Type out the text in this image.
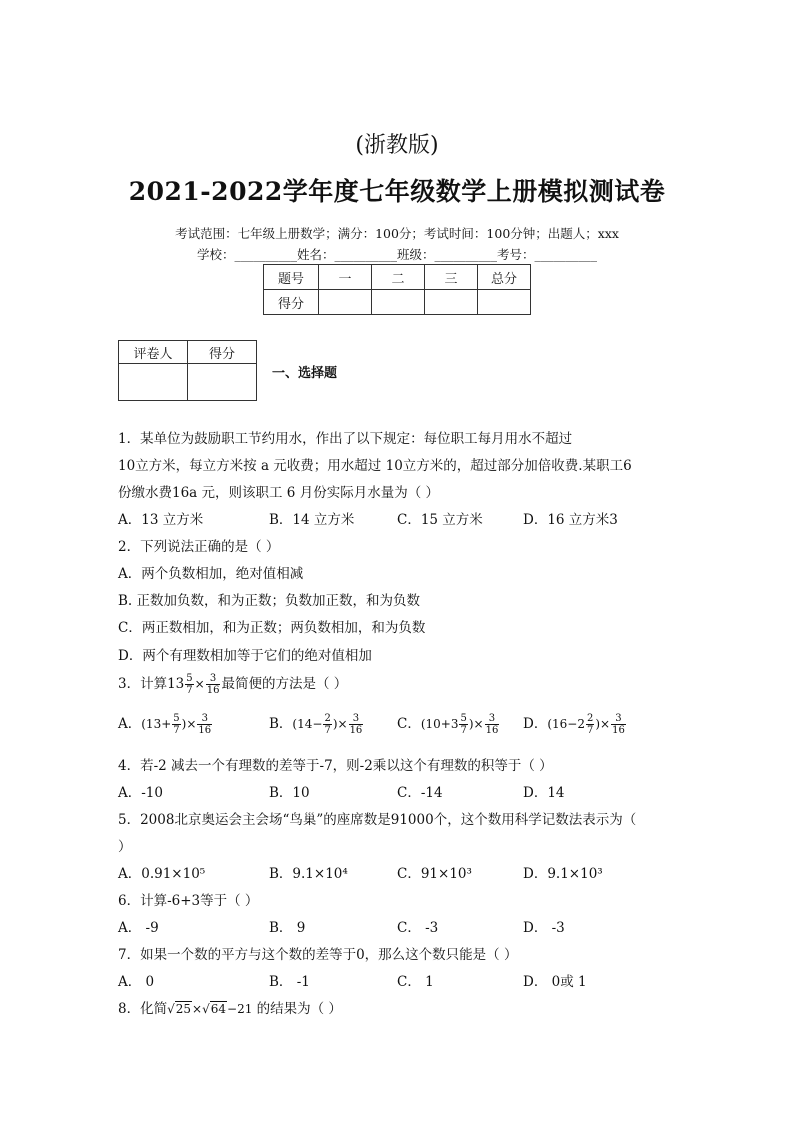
(浙教版)
2021-2022学年度七年级数学上册模拟测试卷
考试范围：七年级上册数学；满分：100分；考试时间：100分钟；出题人；xxx
学校：__________姓名：__________班级：__________考号：__________
题号	一	二	三	总分
得分				
评卷人	得分

一、选择题
1．某单位为鼓励职工节约用水，作出了以下规定：每位职工每月用水不超过
10立方米，每立方米按 a 元收费；用水超过 10立方米的，超过部分加倍收费.某职工6
份缴水费16a 元，则该职工 6 月份实际月水量为（ ）
A．13 立方米	B．14 立方米	C．15 立方米	D．16 立方米3
2．下列说法正确的是（ ）
A．两个负数相加，绝对值相减
B. 正数加负数，和为正数；负数加正数，和为负数
C．两正数相加，和为正数；两负数相加，和为负数
D．两个有理数相加等于它们的绝对值相加
3．计算$13 \frac{5}{7} \times \frac{3}{16}$ 最简便的方法是（ ）
A．($13+ \frac{5}{7}$ )× $\frac{3}{16}$	B．($14- \frac{2}{7}$ )× $\frac{3}{16}$ C．($10+3 \frac{5}{7}$ )× $\frac{3}{16}$ D．($16-2 \frac{2}{7}$ )× $\frac{3}{16}$
4．若-2 减去一个有理数的差等于-7，则-2乘以这个有理数的积等于（ ）
A．-10	B．10	C．-14	D．14
5．2008北京奥运会主会场“鸟巢”的座席数是91000个，这个数用科学记数法表示为（
）
A．0.91×10⁵	B．9.1×10⁴	C．91×10³	D．9.1×10³
6．计算-6+3等于（ ）
A． -9	B． 9	C． -3	D． -3
7．如果一个数的平方与这个数的差等于0，那么这个数只能是（ ）
A． 0	B． -1	C． 1	D． 0或 1
8．化简√25×√64−21 的结果为（ ）
